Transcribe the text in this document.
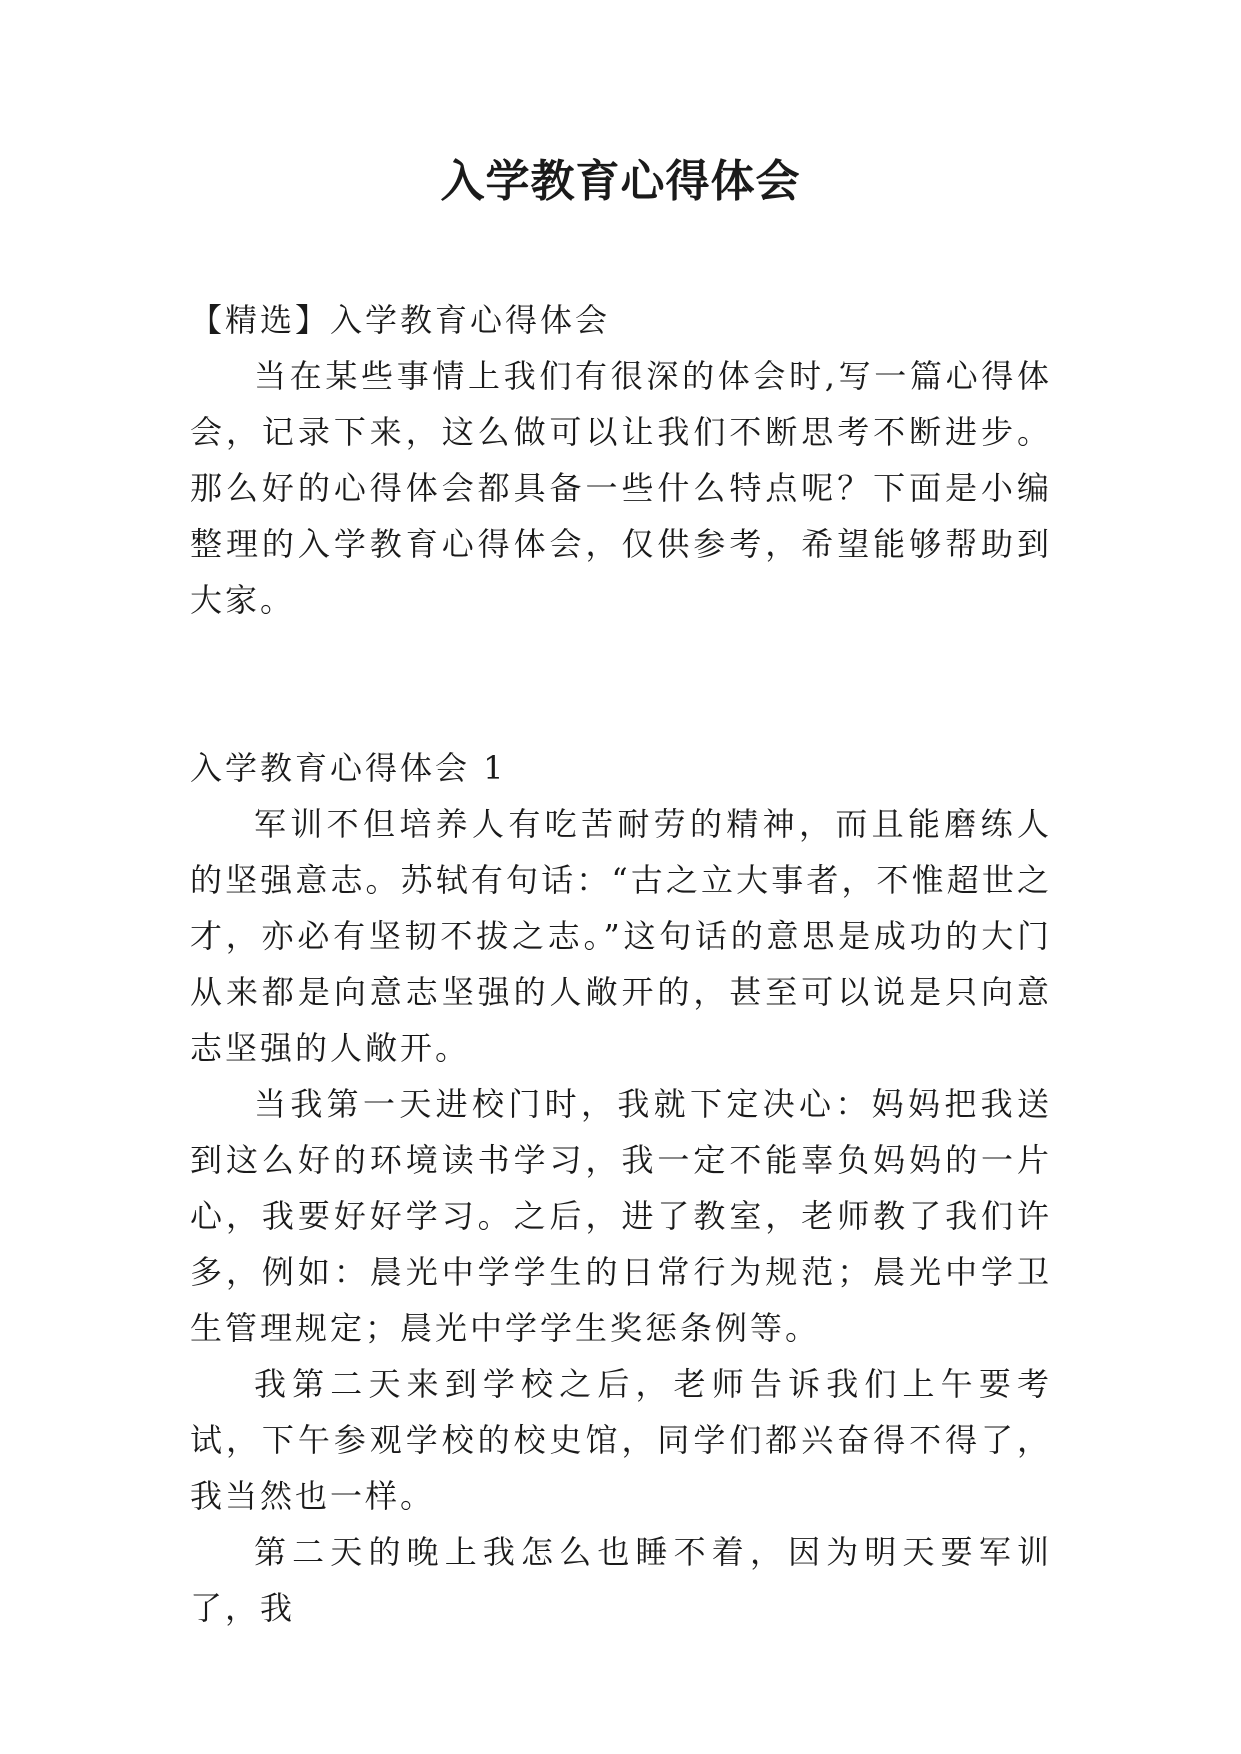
入学教育心得体会

【精选】入学教育心得体会

当在某些事情上我们有很深的体会时,写一篇心得体会，记录下来，这么做可以让我们不断思考不断进步。那么好的心得体会都具备一些什么特点呢？下面是小编整理的入学教育心得体会，仅供参考，希望能够帮助到大家。

入学教育心得体会 1

军训不但培养人有吃苦耐劳的精神，而且能磨练人的坚强意志。苏轼有句话：“古之立大事者，不惟超世之才，亦必有坚韧不拔之志。”这句话的意思是成功的大门从来都是向意志坚强的人敞开的，甚至可以说是只向意志坚强的人敞开。

当我第一天进校门时，我就下定决心：妈妈把我送到这么好的环境读书学习，我一定不能辜负妈妈的一片心，我要好好学习。之后，进了教室，老师教了我们许多，例如：晨光中学学生的日常行为规范；晨光中学卫生管理规定；晨光中学学生奖惩条例等。

我第二天来到学校之后，老师告诉我们上午要考试，下午参观学校的校史馆，同学们都兴奋得不得了，我当然也一样。

第二天的晚上我怎么也睡不着，因为明天要军训了，我
